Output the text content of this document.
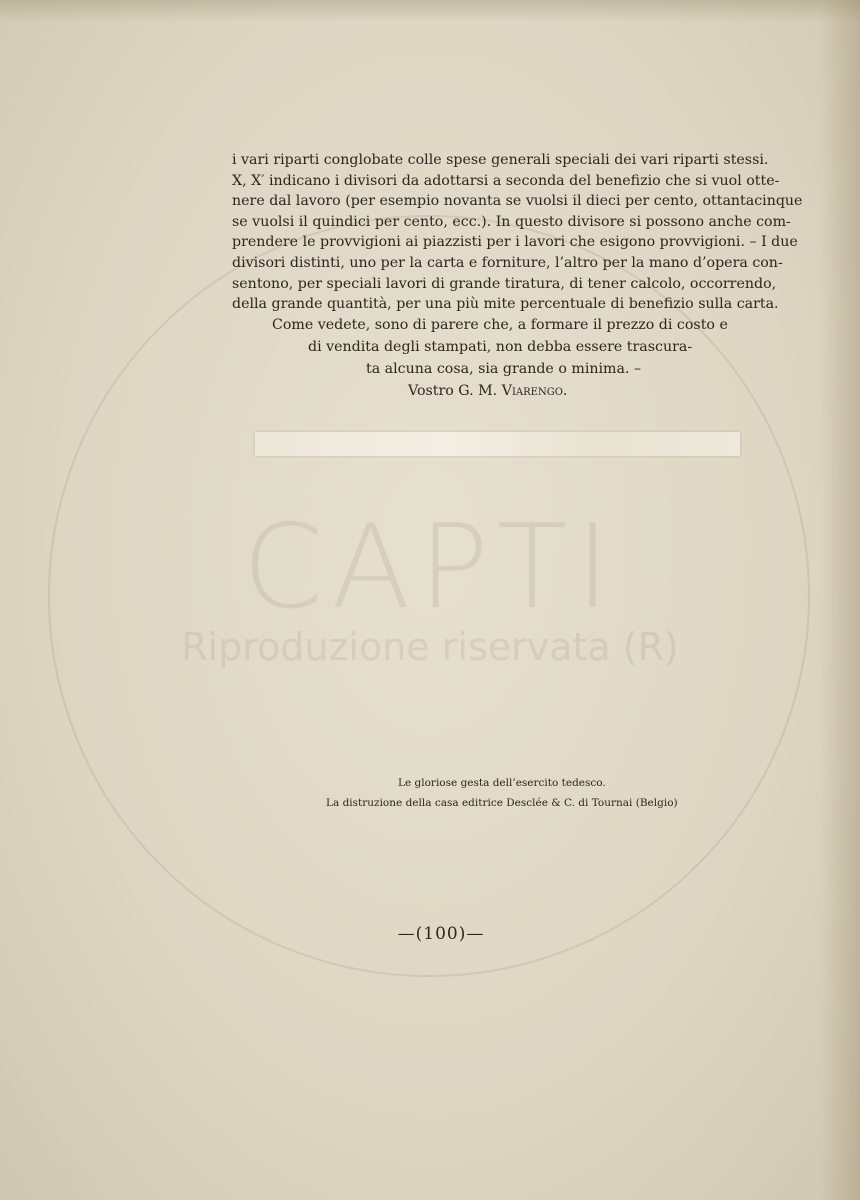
CAPTI
Riproduzione riservata (R)
i vari riparti conglobate colle spese generali speciali dei vari riparti stessi.
X, X′ indicano i divisori da adottarsi a seconda del benefizio che si vuol otte-
nere dal lavoro (per esempio novanta se vuolsi il dieci per cento, ottantacinque
se vuolsi il quindici per cento, ecc.). In questo divisore si possono anche com-
prendere le provvigioni ai piazzisti per i lavori che esigono provvigioni. – I due
divisori distinti, uno per la carta e forniture, l’altro per la mano d’opera con-
sentono, per speciali lavori di grande tiratura, di tener calcolo, occorrendo,
della grande quantità, per una più mite percentuale di benefizio sulla carta.
Come vedete, sono di parere che, a formare il prezzo di costo e
di vendita degli stampati, non debba essere trascura-
ta alcuna cosa, sia grande o minima. –
Vostro G. M. Viarengo.
Le gloriose gesta dell’esercito tedesco.
La distruzione della casa editrice Desclée & C. di Tournai (Belgio)
—(100)—
